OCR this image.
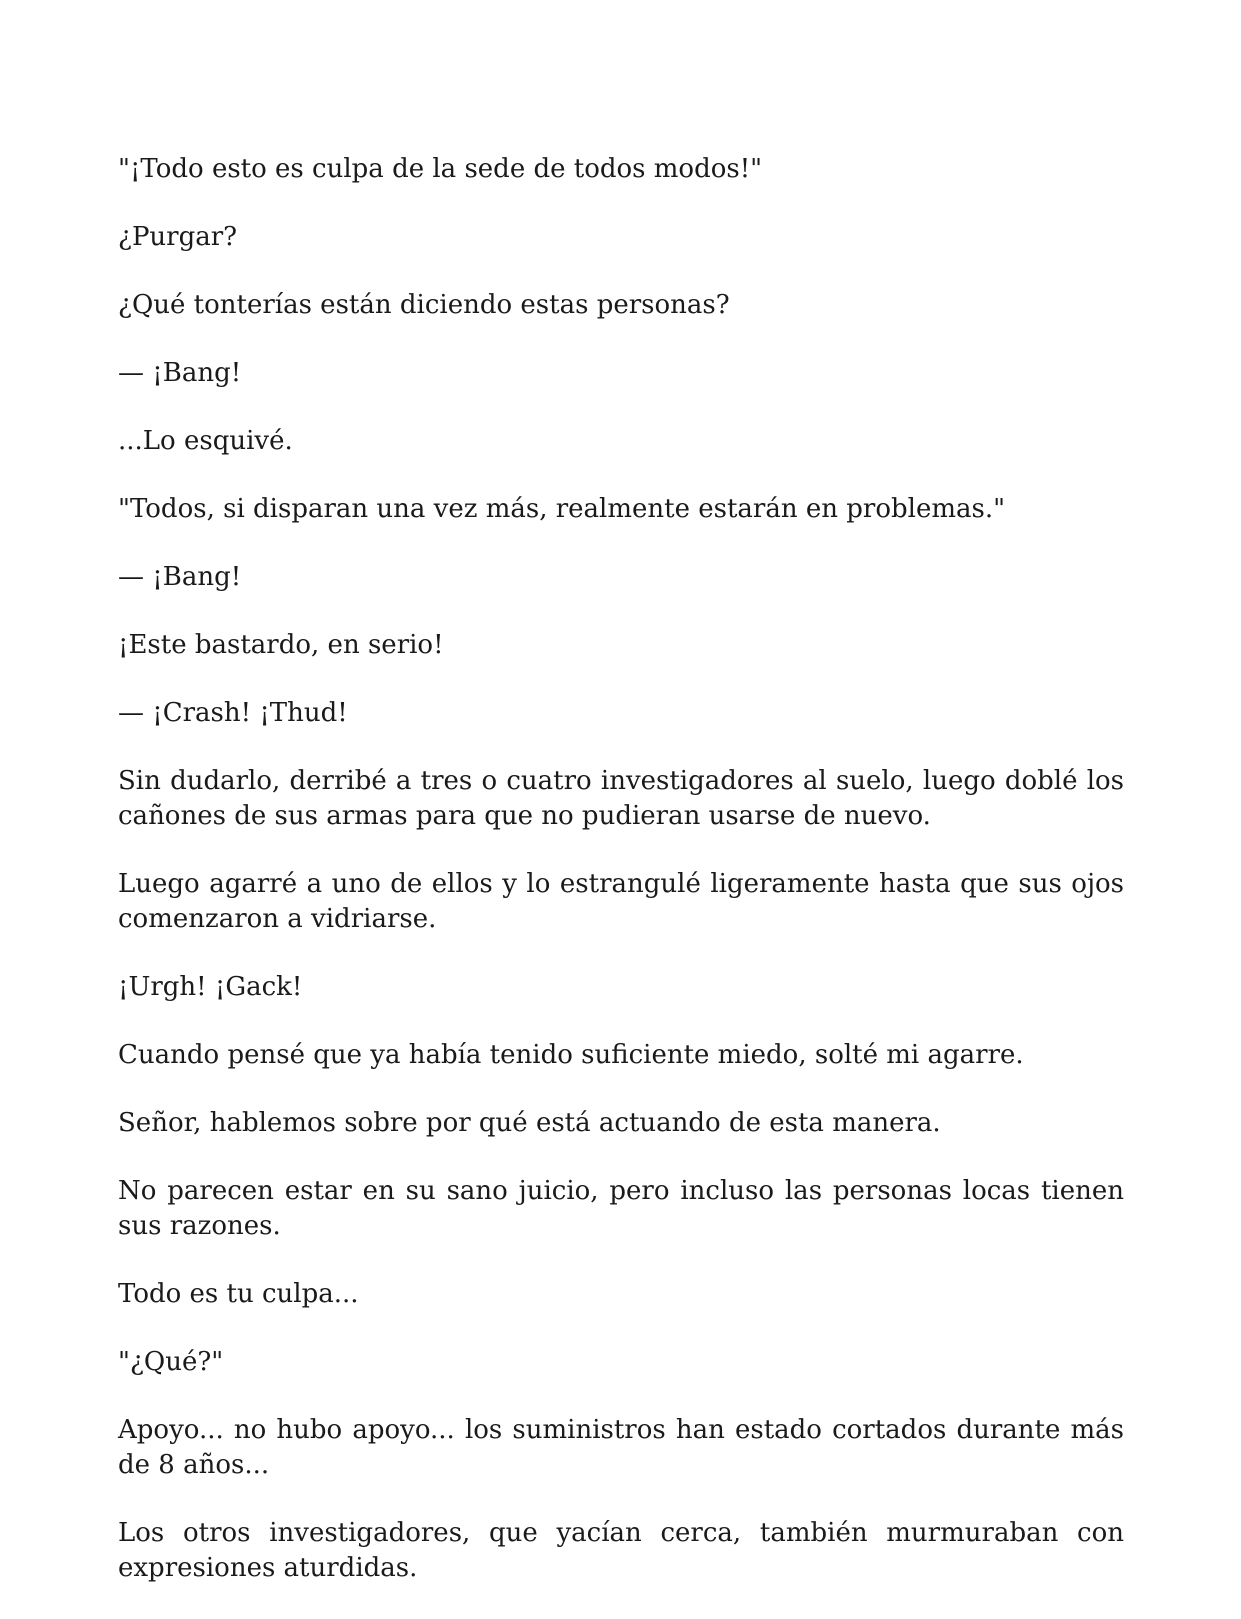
"¡Todo esto es culpa de la sede de todos modos!"

¿Purgar?

¿Qué tonterías están diciendo estas personas?

— ¡Bang!

...Lo esquivé.

"Todos, si disparan una vez más, realmente estarán en problemas."

— ¡Bang!

¡Este bastardo, en serio!

— ¡Crash! ¡Thud!

Sin dudarlo, derribé a tres o cuatro investigadores al suelo, luego doblé los cañones de sus armas para que no pudieran usarse de nuevo.

Luego agarré a uno de ellos y lo estrangulé ligeramente hasta que sus ojos comenzaron a vidriarse.

¡Urgh! ¡Gack!

Cuando pensé que ya había tenido suficiente miedo, solté mi agarre.

Señor, hablemos sobre por qué está actuando de esta manera.

No parecen estar en su sano juicio, pero incluso las personas locas tienen sus razones.

Todo es tu culpa...

"¿Qué?"

Apoyo... no hubo apoyo... los suministros han estado cortados durante más de 8 años...

Los otros investigadores, que yacían cerca, también murmuraban con expresiones aturdidas.
